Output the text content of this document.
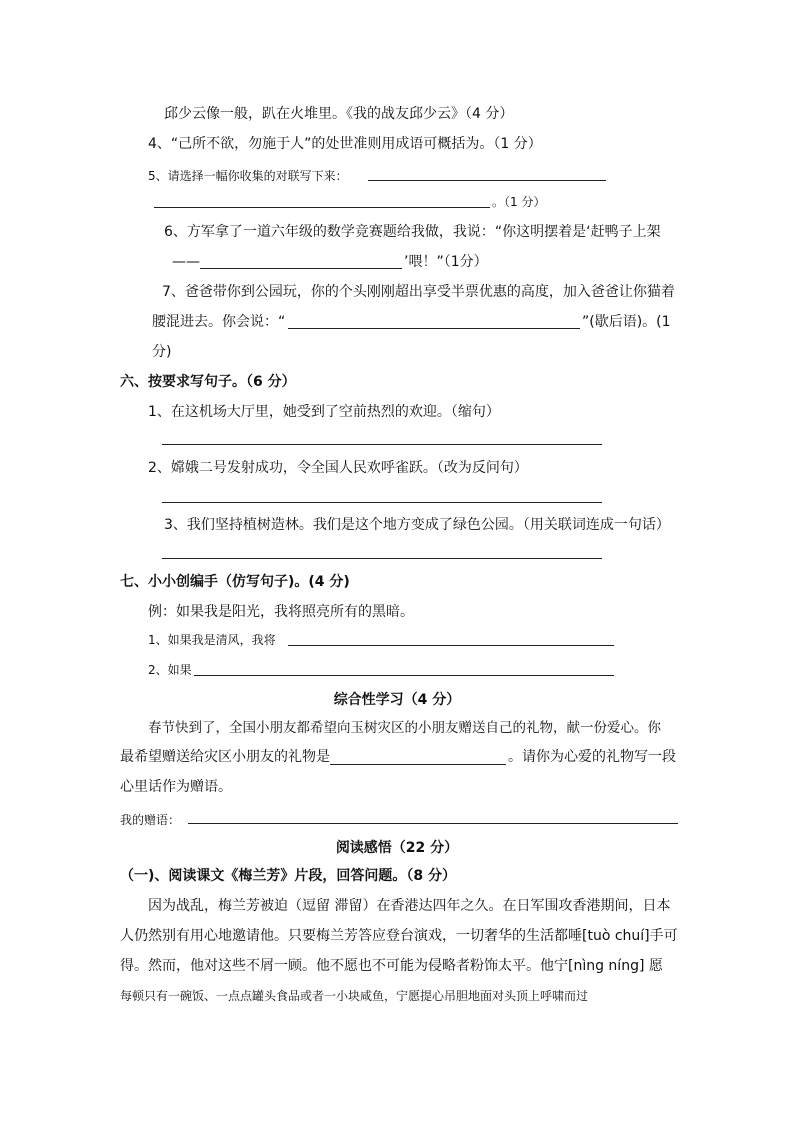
邱少云像一般，趴在火堆里。《我的战友邱少云》（4 分）
4、“己所不欲，勿施于人”的处世准则用成语可概括为。（1 分）
5、请选择一幅你收集的对联写下来：
。（1 分）
6、方军拿了一道六年级的数学竞赛题给我做，我说：“你这明摆着是‘赶鸭子上架
——	’喂！”（1分）
7、爸爸带你到公园玩，你的个头刚刚超出享受半票优惠的高度，加入爸爸让你猫着
腰混进去。你会说：“	”(歇后语)。(1
分)
六、按要求写句子。（6 分）
1、在这机场大厅里，她受到了空前热烈的欢迎。（缩句）
2、嫦娥二号发射成功，令全国人民欢呼雀跃。（改为反问句）
3、我们坚持植树造林。我们是这个地方变成了绿色公园。（用关联词连成一句话）
七、小小创编手（仿写句子)。(4 分)
例：如果我是阳光，我将照亮所有的黑暗。
1、如果我是清风，我将
2、如果
综合性学习（4 分）
春节快到了，全国小朋友都希望向玉树灾区的小朋友赠送自己的礼物，献一份爱心。你
最希望赠送给灾区小朋友的礼物是	。请你为心爱的礼物写一段
心里话作为赠语。
我的赠语：
阅读感悟（22 分）
（一)、阅读课文《梅兰芳》片段，回答问题。（8 分）
因为战乱，梅兰芳被迫（逗留 滞留）在香港达四年之久。在日军围攻香港期间，日本
人仍然别有用心地邀请他。只要梅兰芳答应登台演戏，一切奢华的生活都唾[tuò chuí]手可
得。然而，他对这些不屑一顾。他不愿也不可能为侵略者粉饰太平。他宁[nìng níng] 愿
每顿只有一碗饭、一点点罐头食品或者一小块咸鱼，宁愿提心吊胆地面对头顶上呼啸而过
